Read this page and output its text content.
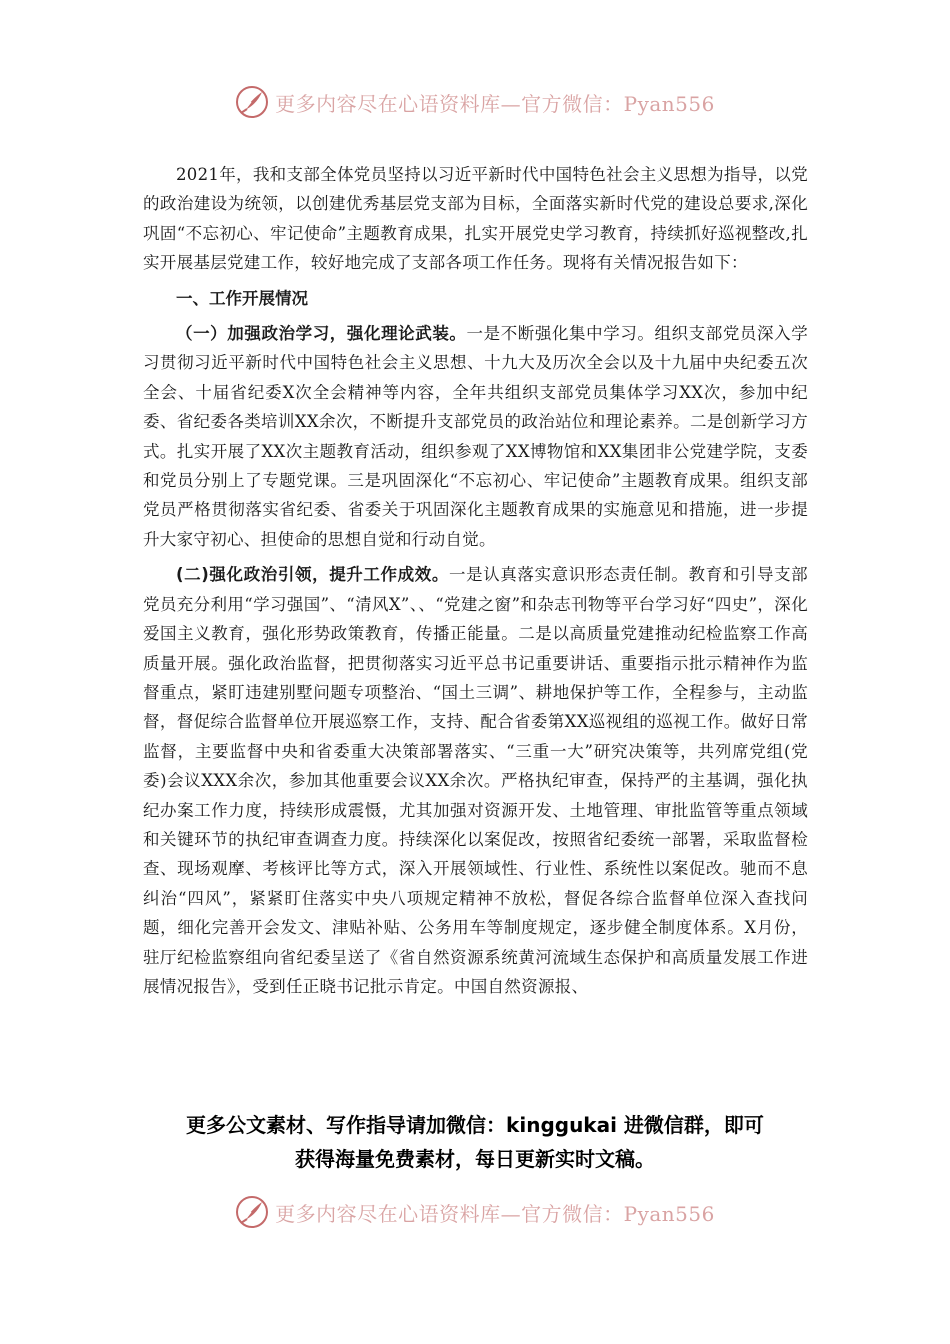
更多内容尽在心语资料库—官方微信：Pyan556

2021年，我和支部全体党员坚持以习近平新时代中国特色社会主义思想为指导，以党的政治建设为统领，以创建优秀基层党支部为目标，全面落实新时代党的建设总要求,深化巩固“不忘初心、牢记使命”主题教育成果，扎实开展党史学习教育，持续抓好巡视整改,扎实开展基层党建工作，较好地完成了支部各项工作任务。现将有关情况报告如下：

一、工作开展情况

（一）加强政治学习，强化理论武装。一是不断强化集中学习。组织支部党员深入学习贯彻习近平新时代中国特色社会主义思想、十九大及历次全会以及十九届中央纪委五次全会、十届省纪委X次全会精神等内容，全年共组织支部党员集体学习XX次，参加中纪委、省纪委各类培训XX余次，不断提升支部党员的政治站位和理论素养。二是创新学习方式。扎实开展了XX次主题教育活动，组织参观了XX博物馆和XX集团非公党建学院，支委和党员分别上了专题党课。三是巩固深化“不忘初心、牢记使命”主题教育成果。组织支部党员严格贯彻落实省纪委、省委关于巩固深化主题教育成果的实施意见和措施，进一步提升大家守初心、担使命的思想自觉和行动自觉。

(二)强化政治引领，提升工作成效。一是认真落实意识形态责任制。教育和引导支部党员充分利用“学习强国”、“清风X”、、“党建之窗”和杂志刊物等平台学习好“四史”，深化爱国主义教育，强化形势政策教育，传播正能量。二是以高质量党建推动纪检监察工作高质量开展。强化政治监督，把贯彻落实习近平总书记重要讲话、重要指示批示精神作为监督重点，紧盯违建别墅问题专项整治、“国土三调”、耕地保护等工作，全程参与，主动监督，督促综合监督单位开展巡察工作，支持、配合省委第XX巡视组的巡视工作。做好日常监督，主要监督中央和省委重大决策部署落实、“三重一大”研究决策等，共列席党组(党委)会议XXX余次，参加其他重要会议XX余次。严格执纪审查，保持严的主基调，强化执纪办案工作力度，持续形成震慑，尤其加强对资源开发、土地管理、审批监管等重点领域和关键环节的执纪审查调查力度。持续深化以案促改，按照省纪委统一部署，采取监督检查、现场观摩、考核评比等方式，深入开展领域性、行业性、系统性以案促改。驰而不息纠治“四风”，紧紧盯住落实中央八项规定精神不放松，督促各综合监督单位深入查找问题，细化完善开会发文、津贴补贴、公务用车等制度规定，逐步健全制度体系。X月份，驻厅纪检监察组向省纪委呈送了《省自然资源系统黄河流域生态保护和高质量发展工作进展情况报告》，受到任正晓书记批示肯定。中国自然资源报、

更多公文素材、写作指导请加微信：kinggukai 进微信群，即可
获得海量免费素材，每日更新实时文稿。
更多内容尽在心语资料库—官方微信：Pyan556
